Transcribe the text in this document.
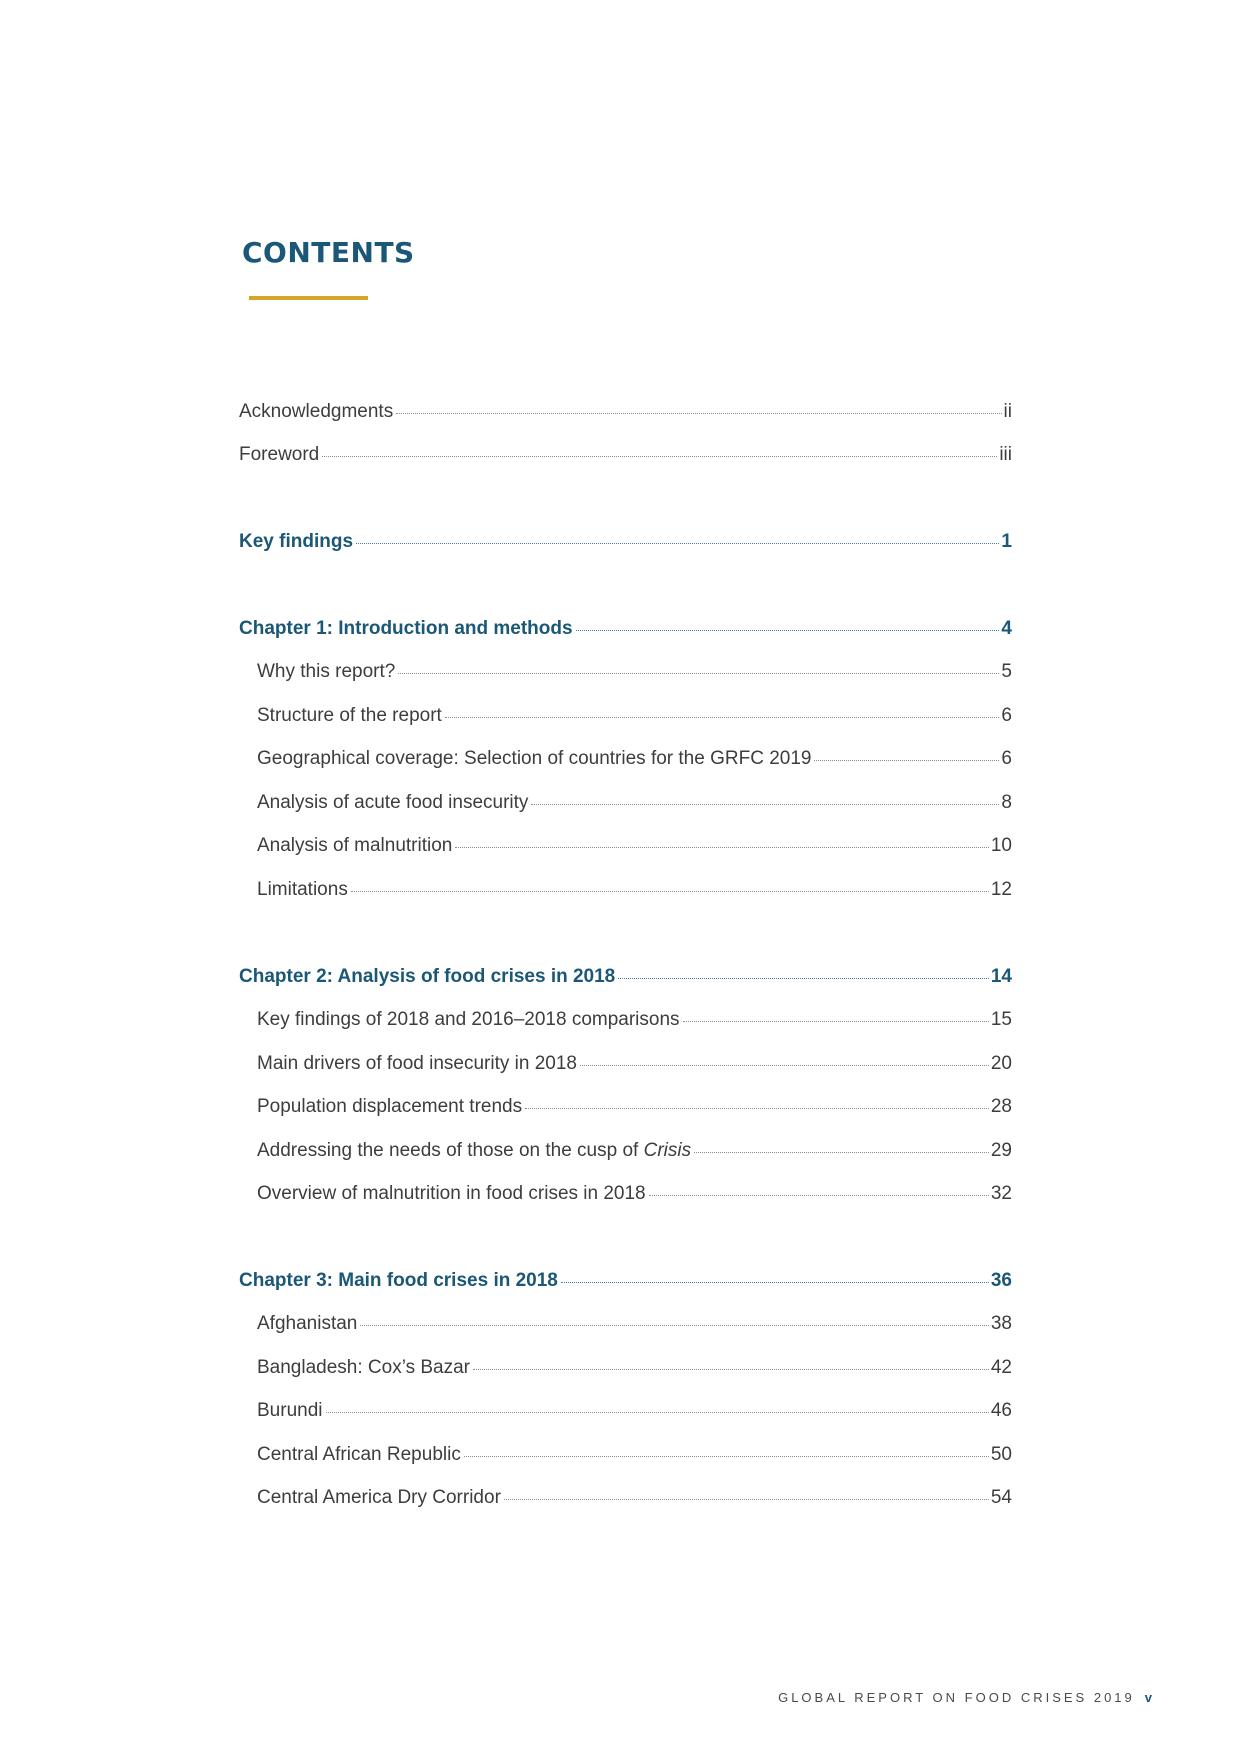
CONTENTS
Acknowledgments	ii
Foreword	iii
Key findings	1
Chapter 1: Introduction and methods	4
Why this report?	5
Structure of the report	6
Geographical coverage: Selection of countries for the GRFC 2019	6
Analysis of acute food insecurity	8
Analysis of malnutrition	10
Limitations	12
Chapter 2: Analysis of food crises in 2018	14
Key findings of 2018 and 2016–2018 comparisons	15
Main drivers of food insecurity in 2018	20
Population displacement trends	28
Addressing the needs of those on the cusp of Crisis	29
Overview of malnutrition in food crises in 2018	32
Chapter 3: Main food crises in 2018	36
Afghanistan	38
Bangladesh: Cox’s Bazar	42
Burundi	46
Central African Republic	50
Central America Dry Corridor	54
GLOBAL REPORT ON FOOD CRISES 2019 v
